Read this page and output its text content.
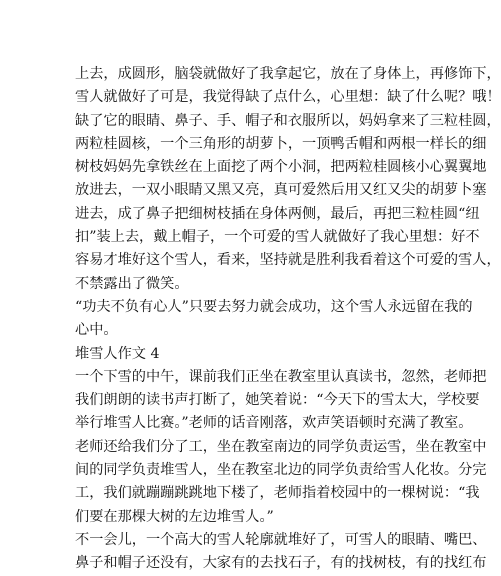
上去，成圆形，脑袋就做好了我拿起它，放在了身体上，再修饰下，
雪人就做好了可是，我觉得缺了点什么，心里想：缺了什么呢？哦！
缺了它的眼睛、鼻子、手、帽子和衣服所以，妈妈拿来了三粒桂圆，
两粒桂圆核，一个三角形的胡萝卜，一顶鸭舌帽和两根一样长的细
树枝妈妈先拿铁丝在上面挖了两个小洞，把两粒桂圆核小心翼翼地
放进去，一双小眼睛又黑又亮，真可爱然后用又红又尖的胡萝卜塞
进去，成了鼻子把细树枝插在身体两侧，最后，再把三粒桂圆“纽
扣”装上去，戴上帽子，一个可爱的雪人就做好了我心里想：好不
容易才堆好这个雪人，看来，坚持就是胜利我看着这个可爱的雪人，
不禁露出了微笑。
“功夫不负有心人”只要去努力就会成功，这个雪人永远留在我的
心中。
堆雪人作文 4
一个下雪的中午，课前我们正坐在教室里认真读书，忽然，老师把
我们朗朗的读书声打断了，她笑着说：“今天下的雪太大，学校要
举行堆雪人比赛。”老师的话音刚落，欢声笑语顿时充满了教室。
老师还给我们分了工，坐在教室南边的同学负责运雪，坐在教室中
间的同学负责堆雪人，坐在教室北边的同学负责给雪人化妆。分完
工，我们就蹦蹦跳跳地下楼了，老师指着校园中的一棵树说：“我
们要在那棵大树的左边堆雪人。”
不一会儿，一个高大的雪人轮廓就堆好了，可雪人的眼睛、嘴巴、
鼻子和帽子还没有，大家有的去找石子，有的找树枝，有的找红布
